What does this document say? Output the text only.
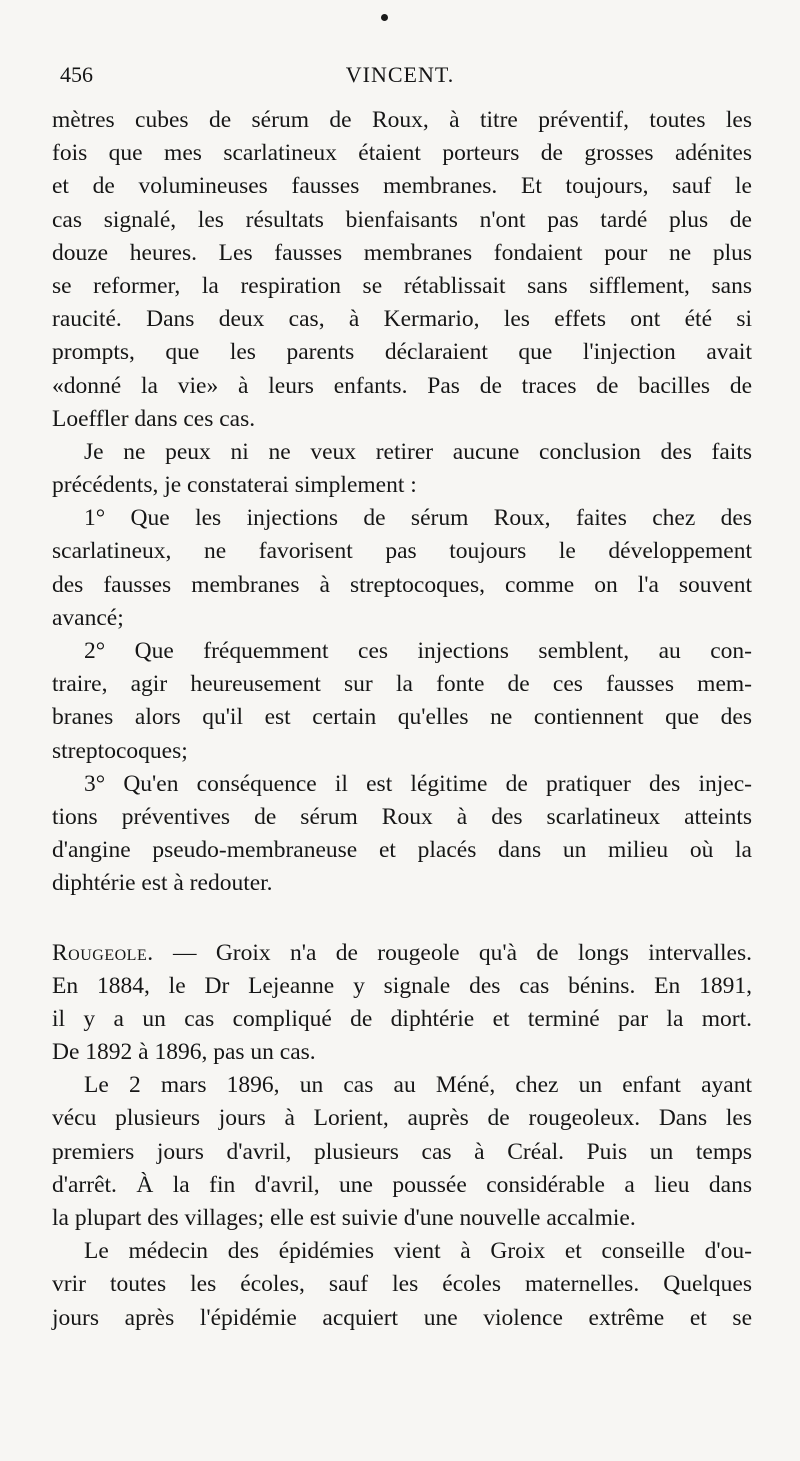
456	VINCENT.
mètres cubes de sérum de Roux, à titre préventif, toutes les
fois que mes scarlatineux étaient porteurs de grosses adénites
et de volumineuses fausses membranes. Et toujours, sauf le
cas signalé, les résultats bienfaisants n'ont pas tardé plus de
douze heures. Les fausses membranes fondaient pour ne plus
se reformer, la respiration se rétablissait sans sifflement, sans
raucité. Dans deux cas, à Kermario, les effets ont été si
prompts, que les parents déclaraient que l'injection avait
«donné la vie» à leurs enfants. Pas de traces de bacilles de
Loeffler dans ces cas.
Je ne peux ni ne veux retirer aucune conclusion des faits
précédents, je constaterai simplement :
1° Que les injections de sérum Roux, faites chez des
scarlatineux, ne favorisent pas toujours le développement
des fausses membranes à streptocoques, comme on l'a souvent
avancé;
2° Que fréquemment ces injections semblent, au con-
traire, agir heureusement sur la fonte de ces fausses mem-
branes alors qu'il est certain qu'elles ne contiennent que des
streptocoques;
3° Qu'en conséquence il est légitime de pratiquer des injec-
tions préventives de sérum Roux à des scarlatineux atteints
d'angine pseudo-membraneuse et placés dans un milieu où la
diphtérie est à redouter.
Rougeole. — Groix n'a de rougeole qu'à de longs intervalles.
En 1884, le Dr Lejeanne y signale des cas bénins. En 1891,
il y a un cas compliqué de diphtérie et terminé par la mort.
De 1892 à 1896, pas un cas.
Le 2 mars 1896, un cas au Méné, chez un enfant ayant
vécu plusieurs jours à Lorient, auprès de rougeoleux. Dans les
premiers jours d'avril, plusieurs cas à Créal. Puis un temps
d'arrêt. À la fin d'avril, une poussée considérable a lieu dans
la plupart des villages; elle est suivie d'une nouvelle accalmie.
Le médecin des épidémies vient à Groix et conseille d'ou-
vrir toutes les écoles, sauf les écoles maternelles. Quelques
jours après l'épidémie acquiert une violence extrême et se
